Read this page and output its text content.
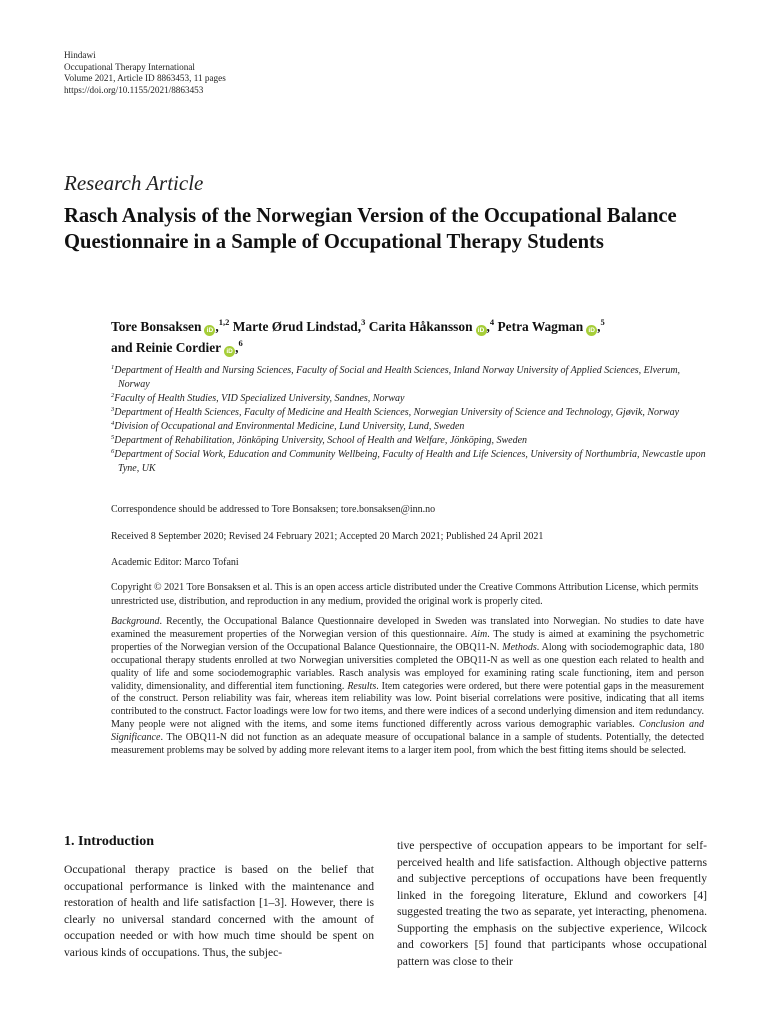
Hindawi
Occupational Therapy International
Volume 2021, Article ID 8863453, 11 pages
https://doi.org/10.1155/2021/8863453
Research Article
Rasch Analysis of the Norwegian Version of the Occupational Balance Questionnaire in a Sample of Occupational Therapy Students
Tore Bonsaksen iD ,$^{1,2}$ Marte Ørud Lindstad,$^3$ Carita Håkansson iD ,$^4$ Petra Wagman iD ,$^5$
and Reinie Cordier iD ,$^6$
$^1$Department of Health and Nursing Sciences, Faculty of Social and Health Sciences, Inland Norway University of Applied Sciences, Elverum, Norway
$^2$Faculty of Health Studies, VID Specialized University, Sandnes, Norway
$^3$Department of Health Sciences, Faculty of Medicine and Health Sciences, Norwegian University of Science and Technology, Gjøvik, Norway
$^4$Division of Occupational and Environmental Medicine, Lund University, Lund, Sweden
$^5$Department of Rehabilitation, Jönköping University, School of Health and Welfare, Jönköping, Sweden
$^6$Department of Social Work, Education and Community Wellbeing, Faculty of Health and Life Sciences, University of Northumbria, Newcastle upon Tyne, UK
Correspondence should be addressed to Tore Bonsaksen; tore.bonsaksen@inn.no
Received 8 September 2020; Revised 24 February 2021; Accepted 20 March 2021; Published 24 April 2021
Academic Editor: Marco Tofani
Copyright © 2021 Tore Bonsaksen et al. This is an open access article distributed under the Creative Commons Attribution License, which permits unrestricted use, distribution, and reproduction in any medium, provided the original work is properly cited.
Background. Recently, the Occupational Balance Questionnaire developed in Sweden was translated into Norwegian. No studies to date have examined the measurement properties of the Norwegian version of this questionnaire. Aim. The study is aimed at examining the psychometric properties of the Norwegian version of the Occupational Balance Questionnaire, the OBQ11-N. Methods. Along with sociodemographic data, 180 occupational therapy students enrolled at two Norwegian universities completed the OBQ11-N as well as one question each related to health and quality of life and some sociodemographic variables. Rasch analysis was employed for examining rating scale functioning, item and person validity, dimensionality, and differential item functioning. Results. Item categories were ordered, but there were potential gaps in the measurement of the construct. Person reliability was fair, whereas item reliability was low. Point biserial correlations were positive, indicating that all items contributed to the construct. Factor loadings were low for two items, and there were indices of a second underlying dimension and item redundancy. Many people were not aligned with the items, and some items functioned differently across various demographic variables. Conclusion and Significance. The OBQ11-N did not function as an adequate measure of occupational balance in a sample of students. Potentially, the detected measurement problems may be solved by adding more relevant items to a larger item pool, from which the best fitting items should be selected.
1. Introduction

Occupational therapy practice is based on the belief that occupational performance is linked with the maintenance and restoration of health and life satisfaction [1–3]. However, there is clearly no universal standard concerned with the amount of occupation needed or with how much time should be spent on various kinds of occupations. Thus, the subjec-

tive perspective of occupation appears to be important for self-perceived health and life satisfaction. Although objective patterns and subjective perceptions of occupations have been frequently linked in the foregoing literature, Eklund and coworkers [4] suggested treating the two as separate, yet interacting, phenomena. Supporting the emphasis on the subjective experience, Wilcock and coworkers [5] found that participants whose occupational pattern was close to their
